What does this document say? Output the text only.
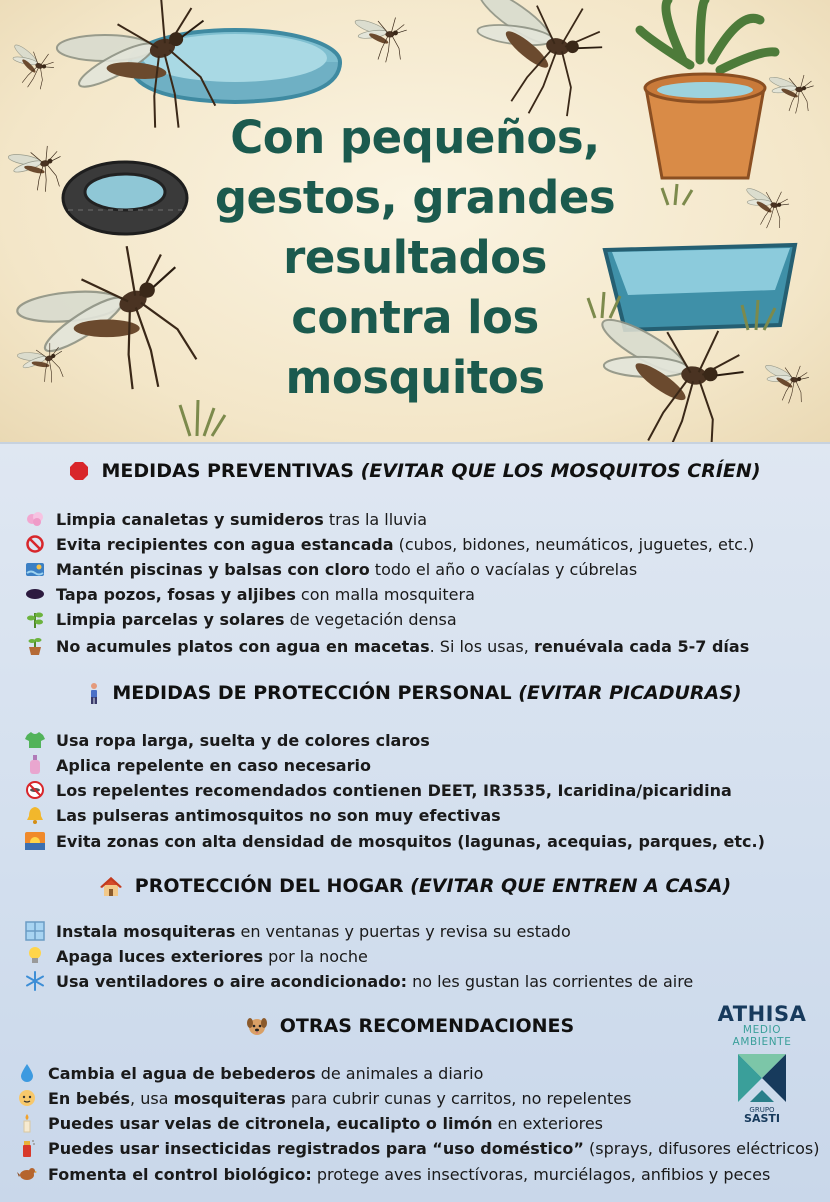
Con pequeños,
gestos, grandes
resultados
contra los
mosquitos
MEDIDAS PREVENTIVAS (EVITAR QUE LOS MOSQUITOS CRÍEN)
Limpia canaletas y sumideros tras la lluvia
Evita recipientes con agua estancada (cubos, bidones, neumáticos, juguetes, etc.)
Mantén piscinas y balsas con cloro todo el año o vacíalas y cúbrelas
Tapa pozos, fosas y aljibes con malla mosquitera
Limpia parcelas y solares de vegetación densa
No acumules platos con agua en macetas. Si los usas, renuévala cada 5-7 días
MEDIDAS DE PROTECCIÓN PERSONAL (EVITAR PICADURAS)
Usa ropa larga, suelta y de colores claros
Aplica repelente en caso necesario
Los repelentes recomendados contienen DEET, IR3535, Icaridina/picaridina
Las pulseras antimosquitos no son muy efectivas
Evita zonas con alta densidad de mosquitos (lagunas, acequias, parques, etc.)
PROTECCIÓN DEL HOGAR (EVITAR QUE ENTREN A CASA)
Instala mosquiteras en ventanas y puertas y revisa su estado
Apaga luces exteriores por la noche
Usa ventiladores o aire acondicionado: no les gustan las corrientes de aire
OTRAS RECOMENDACIONES
Cambia el agua de bebederos de animales a diario
En bebés, usa mosquiteras para cubrir cunas y carritos, no repelentes
Puedes usar velas de citronela, eucalipto o limón en exteriores
Puedes usar insecticidas registrados para “uso doméstico” (sprays, difusores eléctricos)
Fomenta el control biológico: protege aves insectívoras, murciélagos, anfibios y peces
ATHISA
MEDIO AMBIENTE
GRUPO
SASTI
